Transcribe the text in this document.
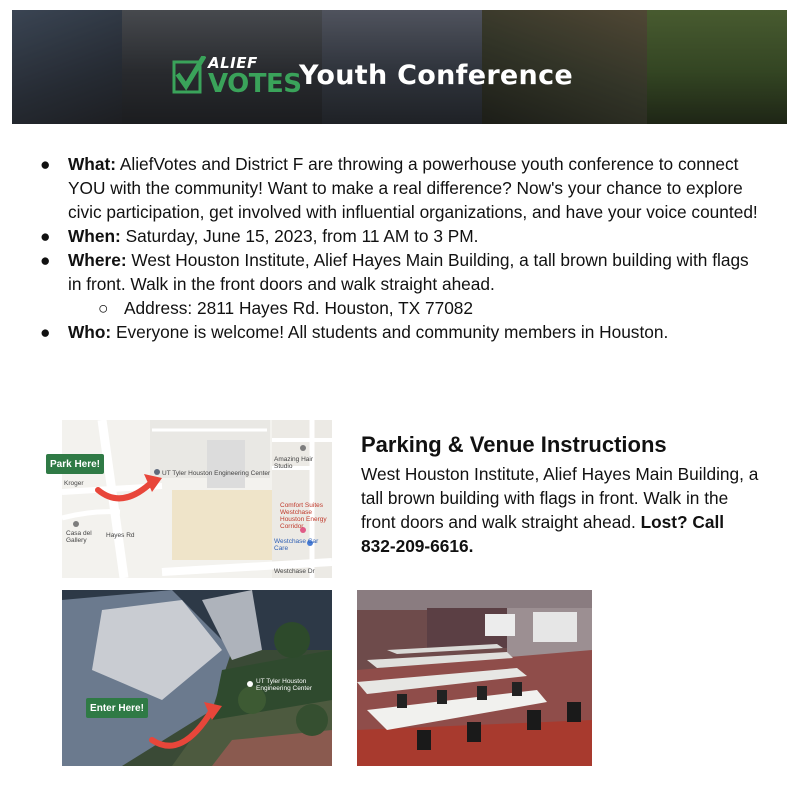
ALIEF
VOTES
Youth Conference
● What: AliefVotes and District F are throwing a powerhouse youth conference to connect YOU with the community! Want to make a real difference? Now's your chance to explore civic participation, get involved with influential organizations, and have your voice counted!
● When: Saturday, June 15, 2023, from 11 AM to 3 PM.
● Where: West Houston Institute, Alief Hayes Main Building, a tall brown building with flags in front. Walk in the front doors and walk straight ahead.
○ Address: 2811 Hayes Rd. Houston, TX 77082
● Who: Everyone is welcome! All students and community members in Houston.
UT Tyler Houston Engineering Center
Amazing Hair Studio
Comfort Suites Westchase Houston Energy Corridor
Westchase Car Care
Westchase Dr
Hayes Rd
Casa del Gallery
Kroger
Park Here!
Parking & Venue Instructions
West Houston Institute, Alief Hayes Main Building, a tall brown building with flags in front. Walk in the front doors and walk straight ahead. Lost? Call 832-209-6616.
UT Tyler Houston Engineering Center
Enter Here!
